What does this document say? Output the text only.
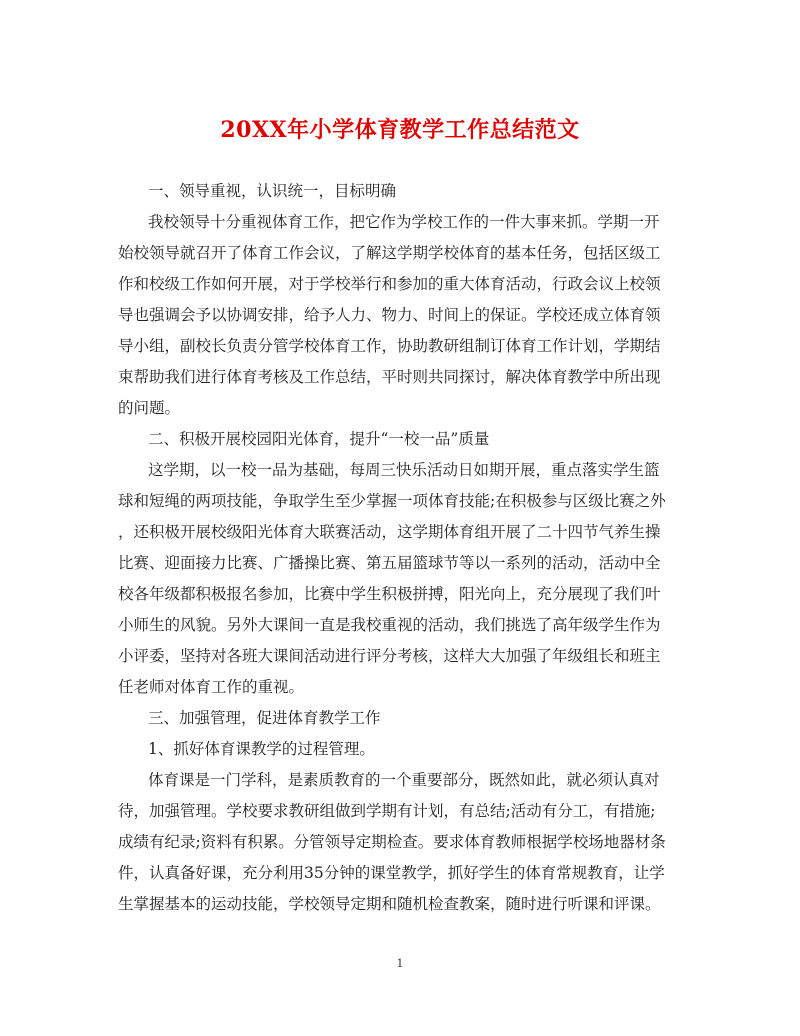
20XX年小学体育教学工作总结范文
一、领导重视，认识统一，目标明确
我校领导十分重视体育工作，把它作为学校工作的一件大事来抓。学期一开
始校领导就召开了体育工作会议，了解这学期学校体育的基本任务，包括区级工
作和校级工作如何开展，对于学校举行和参加的重大体育活动，行政会议上校领
导也强调会予以协调安排，给予人力、物力、时间上的保证。学校还成立体育领
导小组，副校长负责分管学校体育工作，协助教研组制订体育工作计划，学期结
束帮助我们进行体育考核及工作总结，平时则共同探讨，解决体育教学中所出现
的问题。
二、积极开展校园阳光体育，提升“一校一品”质量
这学期，以一校一品为基础，每周三快乐活动日如期开展，重点落实学生篮
球和短绳的两项技能，争取学生至少掌握一项体育技能;在积极参与区级比赛之外
，还积极开展校级阳光体育大联赛活动，这学期体育组开展了二十四节气养生操
比赛、迎面接力比赛、广播操比赛、第五届篮球节等以一系列的活动，活动中全
校各年级都积极报名参加，比赛中学生积极拼搏，阳光向上，充分展现了我们叶
小师生的风貌。另外大课间一直是我校重视的活动，我们挑选了高年级学生作为
小评委，坚持对各班大课间活动进行评分考核，这样大大加强了年级组长和班主
任老师对体育工作的重视。
三、加强管理，促进体育教学工作
1、抓好体育课教学的过程管理。
体育课是一门学科，是素质教育的一个重要部分，既然如此，就必须认真对
待，加强管理。学校要求教研组做到学期有计划，有总结;活动有分工，有措施;
成绩有纪录;资料有积累。分管领导定期检查。要求体育教师根据学校场地器材条
件，认真备好课，充分利用35分钟的课堂教学，抓好学生的体育常规教育，让学
生掌握基本的运动技能，学校领导定期和随机检查教案，随时进行听课和评课。
1
